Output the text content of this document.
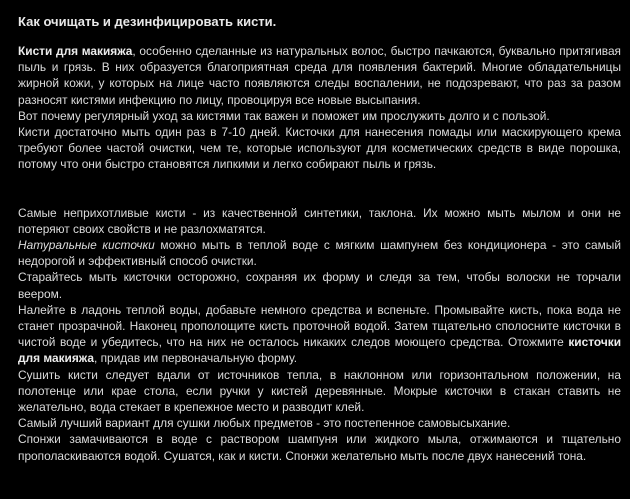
Как очищать и дезинфицировать кисти.

Кисти для макияжа, особенно сделанные из натуральных волос, быстро пачкаются, буквально притягивая пыль и грязь. В них образуется благоприятная среда для появления бактерий. Многие обладательницы жирной кожи, у которых на лице часто появляются следы воспалении, не подозревают, что раз за разом разносят кистями инфекцию по лицу, провоцируя все новые высыпания.

Вот почему регулярный уход за кистями так важен и поможет им прослужить долго и с пользой.

Кисти достаточно мыть один раз в 7-10 дней. Кисточки для нанесения помады или маскирующего крема требуют более частой очистки, чем те, которые используют для косметических средств в виде порошка, потому что они быстро становятся липкими и легко собирают пыль и грязь.

Самые неприхотливые кисти - из качественной синтетики, таклона. Их можно мыть мылом и они не потеряют своих свойств и не разлохматятся.

Натуральные кисточки можно мыть в теплой воде с мягким шампунем без кондиционера - это самый недорогой и эффективный способ очистки.

Старайтесь мыть кисточки осторожно, сохраняя их форму и следя за тем, чтобы волоски не торчали веером.

Налейте в ладонь теплой воды, добавьте немного средства и вспеньте. Промывайте кисть, пока вода не станет прозрачной. Наконец прополощите кисть проточной водой. Затем тщательно сполосните кисточки в чистой воде и убедитесь, что на них не осталось никаких следов моющего средства. Отожмите кисточки для макияжа, придав им первоначальную форму.

Сушить кисти следует вдали от источников тепла, в наклонном или горизонтальном положении, на полотенце или крае стола, если ручки у кистей деревянные. Мокрые кисточки в стакан ставить не желательно, вода стекает в крепежное место и разводит клей.

Самый лучший вариант для сушки любых предметов - это постепенное самовысыхание.

Спонжи замачиваются в воде с раствором шампуня или жидкого мыла, отжимаются и тщательно прополаскиваются водой. Сушатся, как и кисти. Спонжи желательно мыть после двух нанесений тона.
